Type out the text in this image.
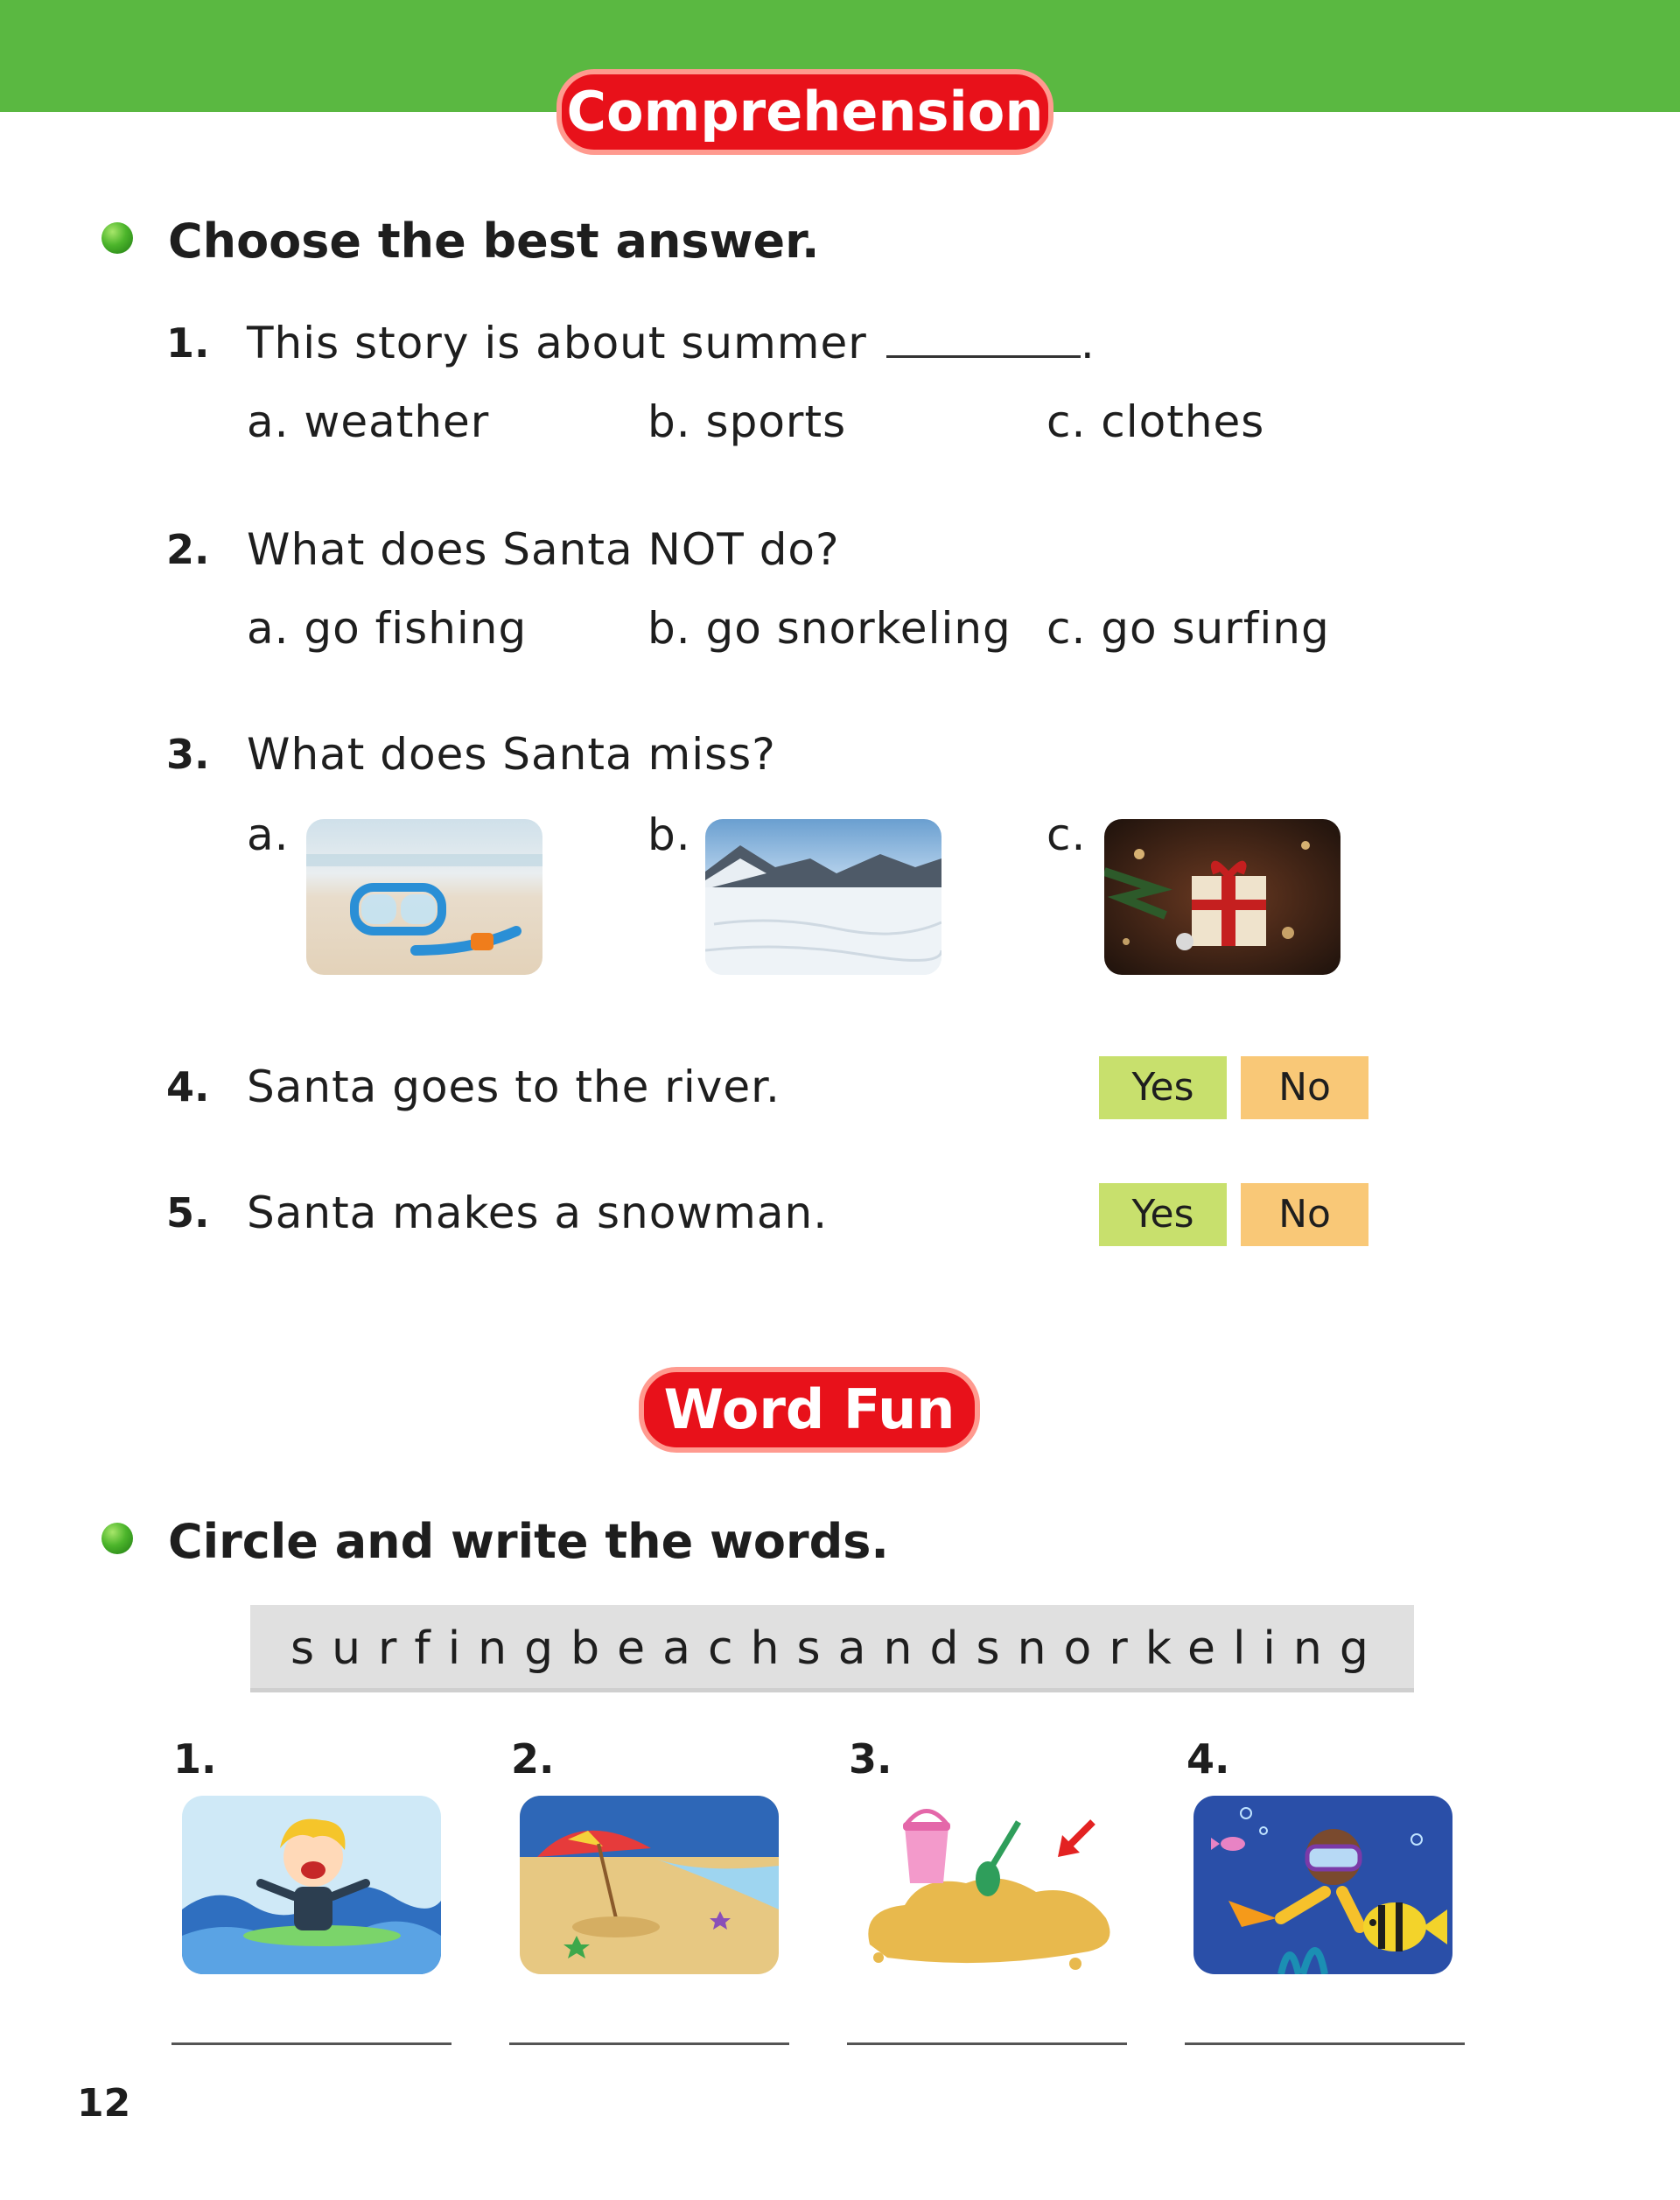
Comprehension
Choose the best answer.
1. This story is about summer	.
a. weather	b. sports	c. clothes
2. What does Santa NOT do?
a. go fishing	b. go snorkeling c. go surfing
3. What does Santa miss?
a.	b.	c.
4. Santa goes to the river.	Yes	No
5. Santa makes a snowman.	Yes	No
Word Fun
Circle and write the words.
surfingbeachsandsnorkeling
1.	2.	3.	4.
12
